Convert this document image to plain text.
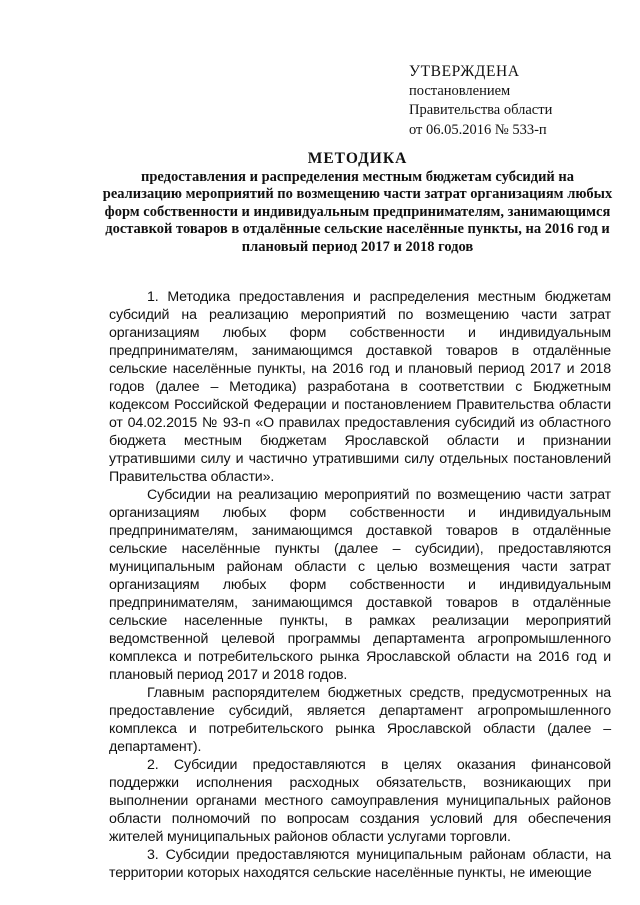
УТВЕРЖДЕНА
постановлением
Правительства области
от 06.05.2016 № 533-п
МЕТОДИКА
предоставления и распределения местным бюджетам субсидий на реализацию мероприятий по возмещению части затрат организациям любых форм собственности и индивидуальным предпринимателям, занимающимся доставкой товаров в отдалённые сельские населённые пункты, на 2016 год и плановый период 2017 и 2018 годов

1. Методика предоставления и распределения местным бюджетам субсидий на реализацию мероприятий по возмещению части затрат организациям любых форм собственности и индивидуальным предпринимателям, занимающимся доставкой товаров в отдалённые сельские населённые пункты, на 2016 год и плановый период 2017 и 2018 годов (далее – Методика) разработана в соответствии с Бюджетным кодексом Российской Федерации и постановлением Правительства области от 04.02.2015 № 93-п «О правилах предоставления субсидий из областного бюджета местным бюджетам Ярославской области и признании утратившими силу и частично утратившими силу отдельных постановлений Правительства области».

Субсидии на реализацию мероприятий по возмещению части затрат организациям любых форм собственности и индивидуальным предпринимателям, занимающимся доставкой товаров в отдалённые сельские населённые пункты (далее – субсидии), предоставляются муниципальным районам области с целью возмещения части затрат организациям любых форм собственности и индивидуальным предпринимателям, занимающимся доставкой товаров в отдалённые сельские населенные пункты, в рамках реализации мероприятий ведомственной целевой программы департамента агропромышленного комплекса и потребительского рынка Ярославской области на 2016 год и плановый период 2017 и 2018 годов.

Главным распорядителем бюджетных средств, предусмотренных на предоставление субсидий, является департамент агропромышленного комплекса и потребительского рынка Ярославской области (далее – департамент).

2. Субсидии предоставляются в целях оказания финансовой поддержки исполнения расходных обязательств, возникающих при выполнении органами местного самоуправления муниципальных районов области полномочий по вопросам создания условий для обеспечения жителей муниципальных районов области услугами торговли.

3. Субсидии предоставляются муниципальным районам области, на территории которых находятся сельские населённые пункты, не имеющие
